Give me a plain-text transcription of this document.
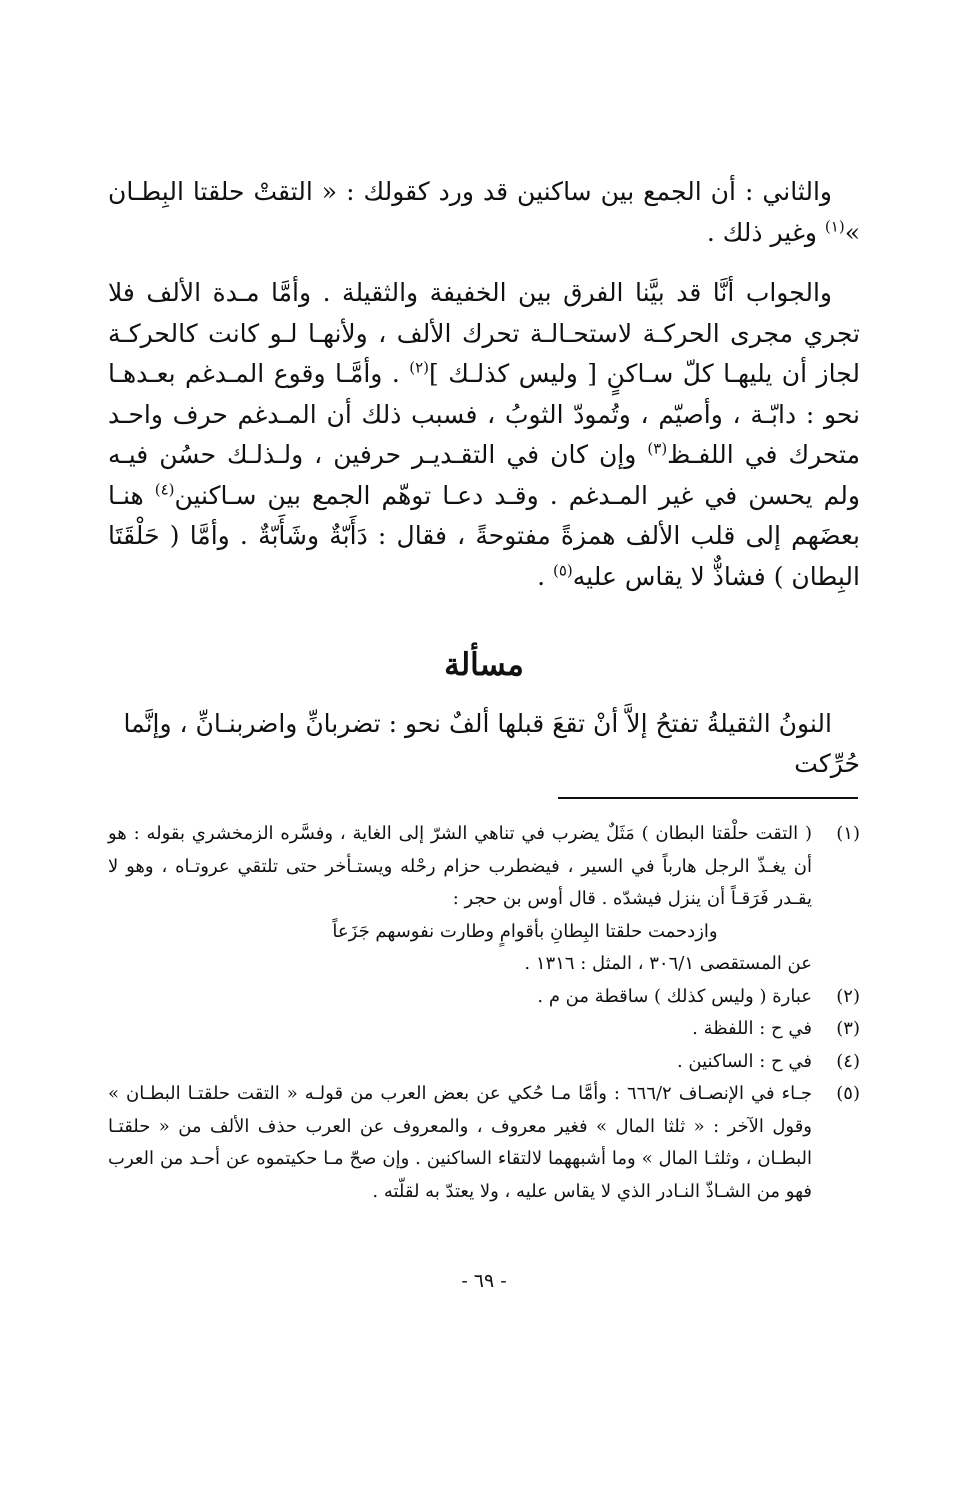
والثاني : أن الجمع بين ساكنين قد ورد كقولك : « التقتْ حلقتا البِطـان »$^{(١)}$ وغير ذلك .

والجواب أنَّا قد بيَّنا الفرق بين الخفيفة والثقيلة . وأمَّا مـدة الألف فلا تجري مجرى الحركـة لاستحـالـة تحرك الألف ، ولأنهـا لـو كانت كالحركـة لجاز أن يليهـا كلّ سـاكنٍ [ وليس كذلـك ]$^{(٢)}$ . وأمَّـا وقوع المـدغم بعـدهـا نحو : دابّـة ، وأصيّم ، وتُمودّ الثوبُ ، فسبب ذلك أن المـدغم حرف واحـد متحرك في اللفـظ$^{(٣)}$ وإن كان في التقـديـر حرفين ، ولـذلـك حسُن فيـه ولم يحسن في غير المـدغم . وقـد دعـا توهّم الجمع بين سـاكنين$^{(٤)}$ هنـا بعضَهم إلى قلب الألف همزةً مفتوحةً ، فقال : دَأَبّةٌ وشَأَبّةٌ . وأمَّا ( حَلْقَتَا البِطان ) فشاذٌّ لا يقاس عليه$^{(٥)}$ .

مسألة
النونُ الثقيلةُ تفتحُ إلاَّ أنْ تقعَ قبلها ألفٌ نحو : تضربانِّ واضربنـانِّ ، وإنَّما حُرِّكت
(١)

( التقت حلْقتا البطان ) مَثَلٌ يضرب في تناهي الشرّ إلى الغاية ، وفسَّره الزمخشري بقوله : هو أن يغـذّ الرجل هارباً في السير ، فيضطرب حزام رحْله ويستـأخر حتى تلتقي عروتـاه ، وهو لا يقـدر فَرَقـاً أن ينزل فيشدّه . قال أوس بن حجر :

وازدحمت حلقتا البِطانِ بأقوامٍ وطارت نفوسهم جَزَعاً

عن المستقصى ٣٠٦/١ ، المثل : ١٣١٦ .

(٢)
عبارة ( وليس كذلك ) ساقطة من م .
(٣)
في ح : اللفظة .
(٤)
في ح : الساكنين .
(٥)
جـاء في الإنصـاف ٦٦٦/٢ : وأمَّا مـا حُكي عن بعض العرب من قولـه « التقت حلقتـا البطـان » وقول الآخر : « ثلثا المال » فغير معروف ، والمعروف عن العرب حذف الألف من « حلقتـا البطـان ، وثلثـا المال » وما أشبههما لالتقاء الساكنين . وإن صحّ مـا حكيتموه عن أحـد من العرب فهو من الشـاذّ النـادر الذي لا يقاس عليه ، ولا يعتدّ به لقلّته .
- ٦٩ -
